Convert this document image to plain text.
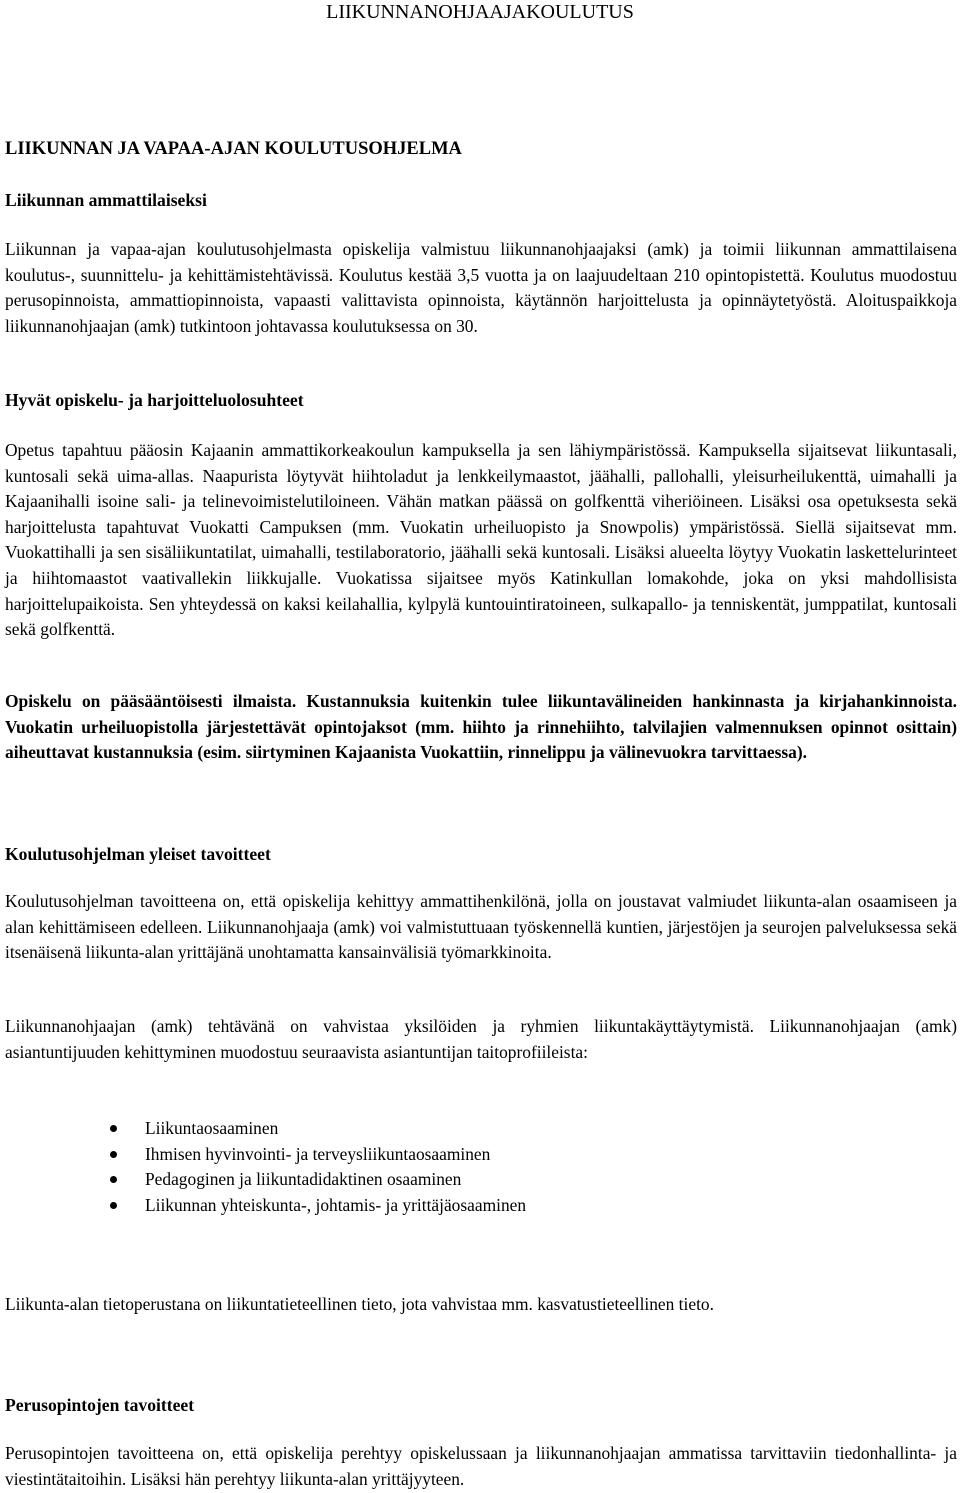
LIIKUNNANOHJAAJAKOULUTUS
LIIKUNNAN JA VAPAA-AJAN KOULUTUSOHJELMA
Liikunnan ammattilaiseksi
Liikunnan ja vapaa-ajan koulutusohjelmasta opiskelija valmistuu liikunnanohjaajaksi (amk) ja toimii liikunnan ammattilaisena koulutus-, suunnittelu- ja kehittämistehtävissä. Koulutus kestää 3,5 vuotta ja on laajuudeltaan 210 opintopistettä. Koulutus muodostuu perusopinnoista, ammattiopinnoista, vapaasti valittavista opinnoista, käytännön harjoittelusta ja opinnäytetyöstä. Aloituspaikkoja liikunnanohjaajan (amk) tutkintoon johtavassa koulutuksessa on 30.
Hyvät opiskelu- ja harjoitteluolosuhteet
Opetus tapahtuu pääosin Kajaanin ammattikorkeakoulun kampuksella ja sen lähiympäristössä. Kampuksella sijaitsevat liikuntasali, kuntosali sekä uima-allas. Naapurista löytyvät hiihtoladut ja lenkkeilymaastot, jäähalli, pallohalli, yleisurheilukenttä, uimahalli ja Kajaanihalli isoine sali- ja telinevoimistelutiloineen. Vähän matkan päässä on golfkenttä viheriöineen. Lisäksi osa opetuksesta sekä harjoittelusta tapahtuvat Vuokatti Campuksen (mm. Vuokatin urheiluopisto ja Snowpolis) ympäristössä. Siellä sijaitsevat mm. Vuokattihalli ja sen sisäliikuntatilat, uimahalli, testilaboratorio, jäähalli sekä kuntosali. Lisäksi alueelta löytyy Vuokatin laskettelurinteet ja hiihtomaastot vaativallekin liikkujalle. Vuokatissa sijaitsee myös Katinkullan lomakohde, joka on yksi mahdollisista harjoittelupaikoista. Sen yhteydessä on kaksi keilahallia, kylpylä kuntouintiratoineen, sulkapallo- ja tenniskentät, jumppatilat, kuntosali sekä golfkenttä.
Opiskelu on pääsääntöisesti ilmaista. Kustannuksia kuitenkin tulee liikuntavälineiden hankinnasta ja kirjahankinnoista. Vuokatin urheiluopistolla järjestettävät opintojaksot (mm. hiihto ja rinnehiihto, talvilajien valmennuksen opinnot osittain) aiheuttavat kustannuksia (esim. siirtyminen Kajaanista Vuokattiin, rinnelippu ja välinevuokra tarvittaessa).
Koulutusohjelman yleiset tavoitteet
Koulutusohjelman tavoitteena on, että opiskelija kehittyy ammattihenkilönä, jolla on joustavat valmiudet liikunta-alan osaamiseen ja alan kehittämiseen edelleen. Liikunnanohjaaja (amk) voi valmistuttuaan työskennellä kuntien, järjestöjen ja seurojen palveluksessa sekä itsenäisenä liikunta-alan yrittäjänä unohtamatta kansainvälisiä työmarkkinoita.
Liikunnanohjaajan (amk) tehtävänä on vahvistaa yksilöiden ja ryhmien liikuntakäyttäytymistä. Liikunnanohjaajan (amk) asiantuntijuuden kehittyminen muodostuu seuraavista asiantuntijan taitoprofiileista:
Liikuntaosaaminen
Ihmisen hyvinvointi- ja terveysliikuntaosaaminen
Pedagoginen ja liikuntadidaktinen osaaminen
Liikunnan yhteiskunta-, johtamis- ja yrittäjäosaaminen
Liikunta-alan tietoperustana on liikuntatieteellinen tieto, jota vahvistaa mm. kasvatustieteellinen tieto.
Perusopintojen tavoitteet
Perusopintojen tavoitteena on, että opiskelija perehtyy opiskelussaan ja liikunnanohjaajan ammatissa tarvittaviin tiedonhallinta- ja viestintätaitoihin. Lisäksi hän perehtyy liikunta-alan yrittäjyyteen.
